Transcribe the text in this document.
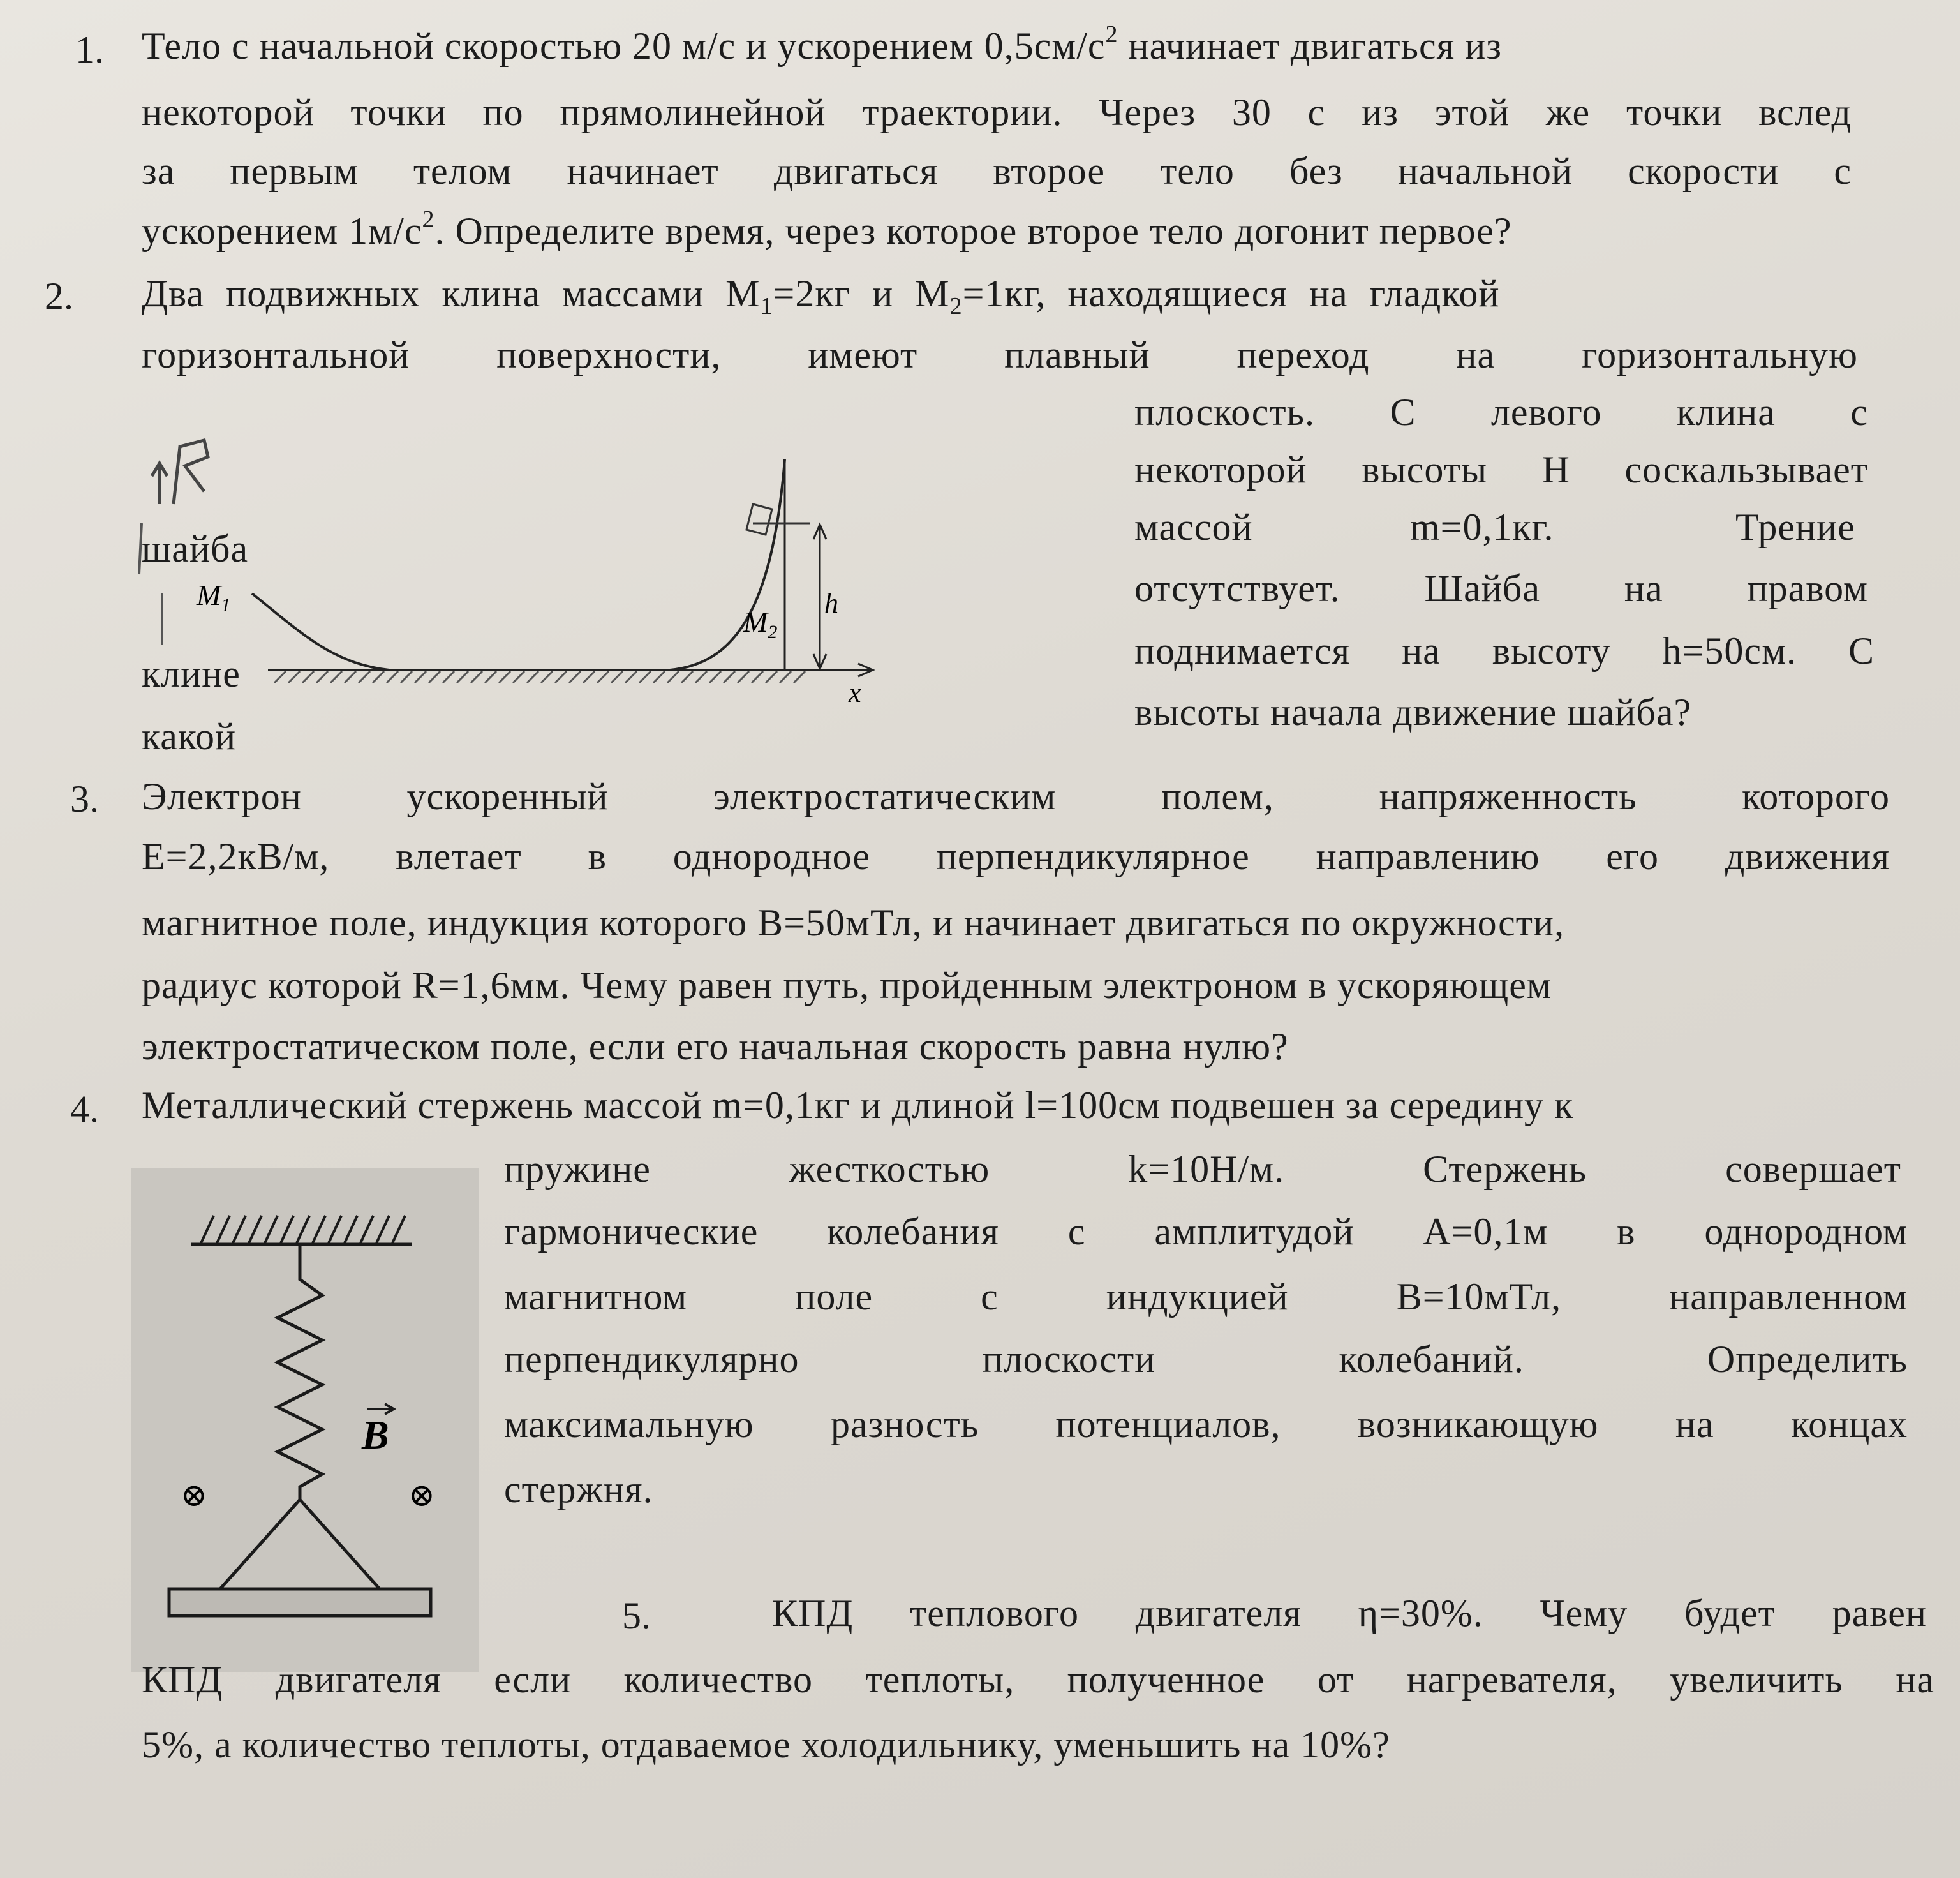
1. Тело с начальной скоростью 20 м/с и ускорением $0,5см/с^2$ начинает двигаться из
некоторой точки по прямолинейной траектории. Через 30 с из этой же точки вслед
за первым телом начинает двигаться второе тело без начальной скорости с
ускорением $1м/с^2$. Определите время, через которое второе тело догонит первое?
2. Два подвижных клина массами $М_1=2кг$ и $М_2=1кг$, находящиеся на гладкой
горизонтальной поверхности, имеют плавный переход на горизонтальную
плоскость. С левого клина с
некоторой высоты Н соскальзывает
массой	m=0,1кг.	Трение
отсутствует. Шайба на правом
поднимается на высоту h=50см. С
высоты начала движение шайба?
шайба
клине
какой
$M_1$
$M_2$
h
x
3. Электрон ускоренный электростатическим полем, напряженность которого
Е=2,2кВ/м, влетает в однородное перпендикулярное направлению его движения
магнитное поле, индукция которого В=50мТл, и начинает двигаться по окружности,
радиус которой R=1,6мм. Чему равен путь, пройденным электроном в ускоряющем
электростатическом поле, если его начальная скорость равна нулю?
4. Металлический стержень массой m=0,1кг и длиной l=100см подвешен за середину к
пружине жесткостью k=10Н/м. Стержень совершает
гармонические колебания с амплитудой А=0,1м в однородном
магнитном поле с индукцией В=10мТл, направленном
перпендикулярно плоскости колебаний. Определить
максимальную разность потенциалов, возникающую на концах
стержня.
B
⊗	⊗
5.	КПД теплового двигателя η=30%. Чему будет равен
КПД двигателя если количество теплоты, полученное от нагревателя, увеличить на
5%, а количество теплоты, отдаваемое холодильнику, уменьшить на 10%?
